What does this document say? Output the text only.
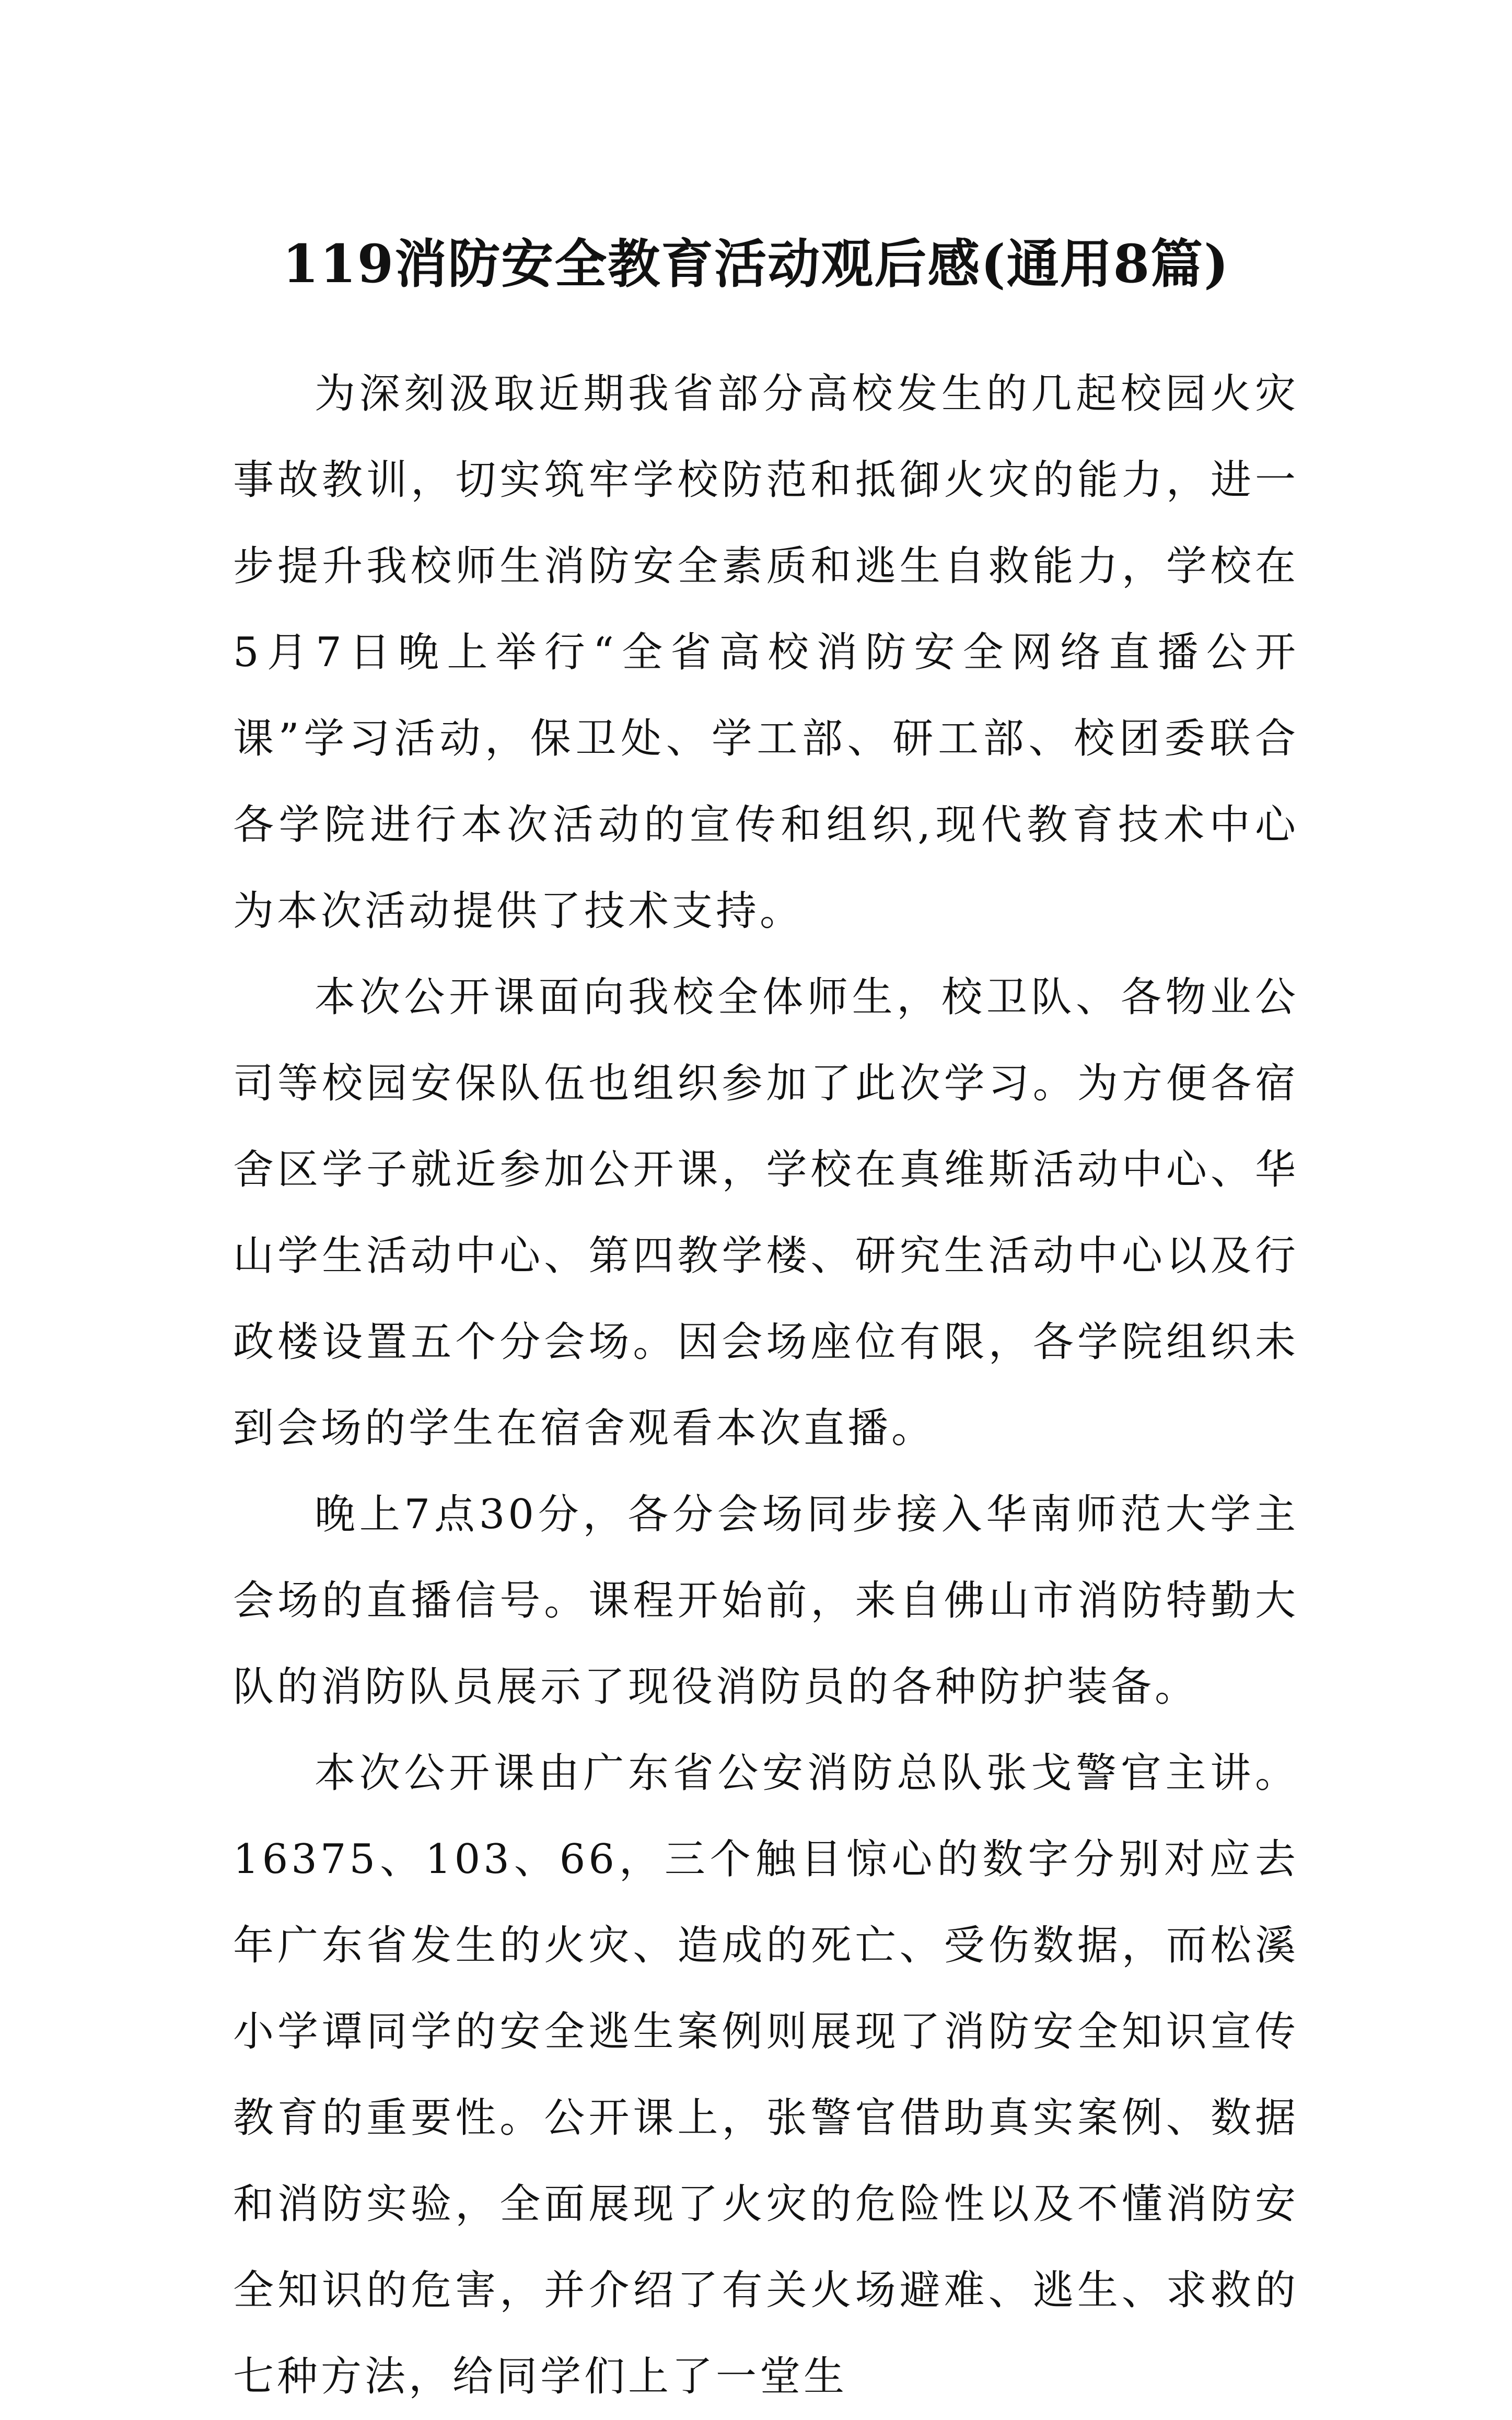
119消防安全教育活动观后感(通用8篇)

为深刻汲取近期我省部分高校发生的几起校园火灾事故教训，切实筑牢学校防范和抵御火灾的能力，进一步提升我校师生消防安全素质和逃生自救能力，学校在5月7日晚上举行“全省高校消防安全网络直播公开课”学习活动，保卫处、学工部、研工部、校团委联合各学院进行本次活动的宣传和组织,现代教育技术中心为本次活动提供了技术支持。

本次公开课面向我校全体师生，校卫队、各物业公司等校园安保队伍也组织参加了此次学习。为方便各宿舍区学子就近参加公开课，学校在真维斯活动中心、华山学生活动中心、第四教学楼、研究生活动中心以及行政楼设置五个分会场。因会场座位有限，各学院组织未到会场的学生在宿舍观看本次直播。

晚上7点30分，各分会场同步接入华南师范大学主会场的直播信号。课程开始前，来自佛山市消防特勤大队的消防队员展示了现役消防员的各种防护装备。

本次公开课由广东省公安消防总队张戈警官主讲。16375、103、66，三个触目惊心的数字分别对应去年广东省发生的火灾、造成的死亡、受伤数据，而松溪小学谭同学的安全逃生案例则展现了消防安全知识宣传教育的重要性。公开课上，张警官借助真实案例、数据和消防实验，全面展现了火灾的危险性以及不懂消防安全知识的危害，并介绍了有关火场避难、逃生、求救的七种方法，给同学们上了一堂生
